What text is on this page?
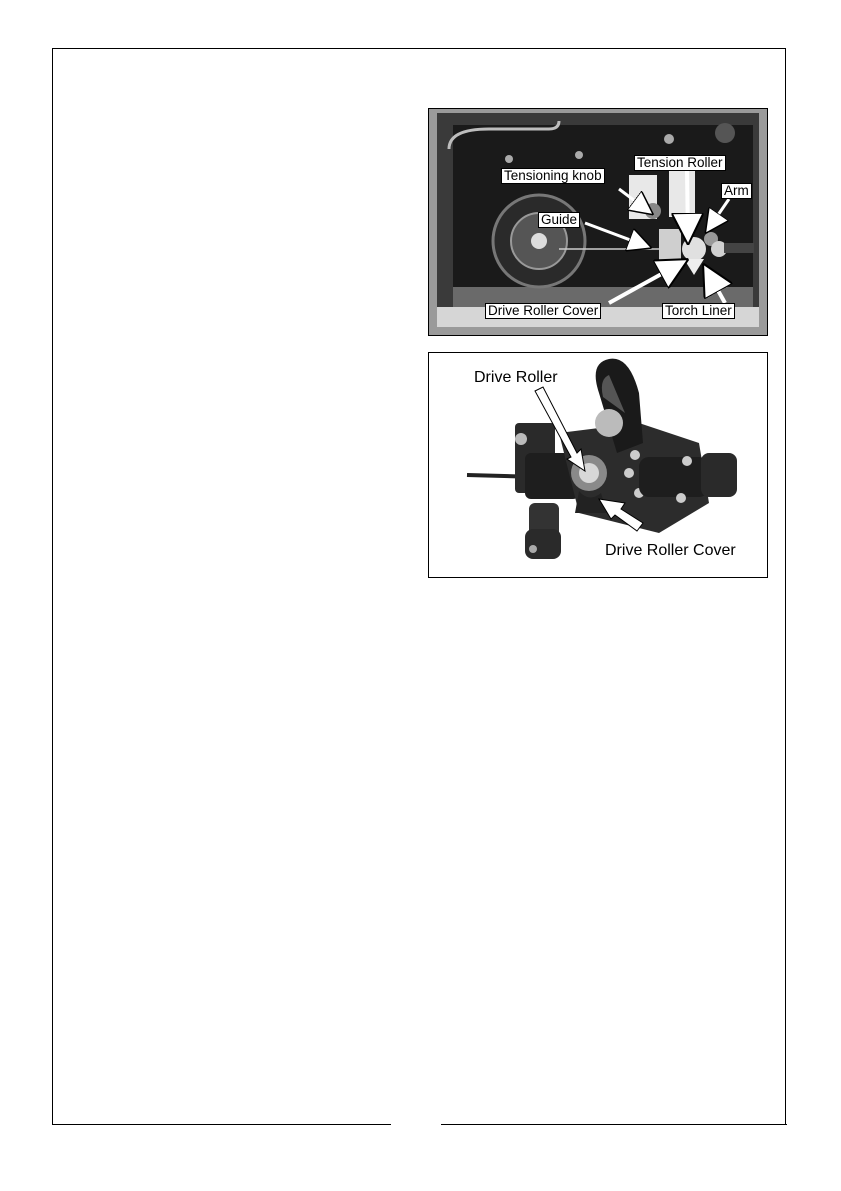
Tension Roller
Tensioning knob
Arm
Guide
Drive Roller Cover	Torch Liner
Drive Roller
Drive Roller Cover
